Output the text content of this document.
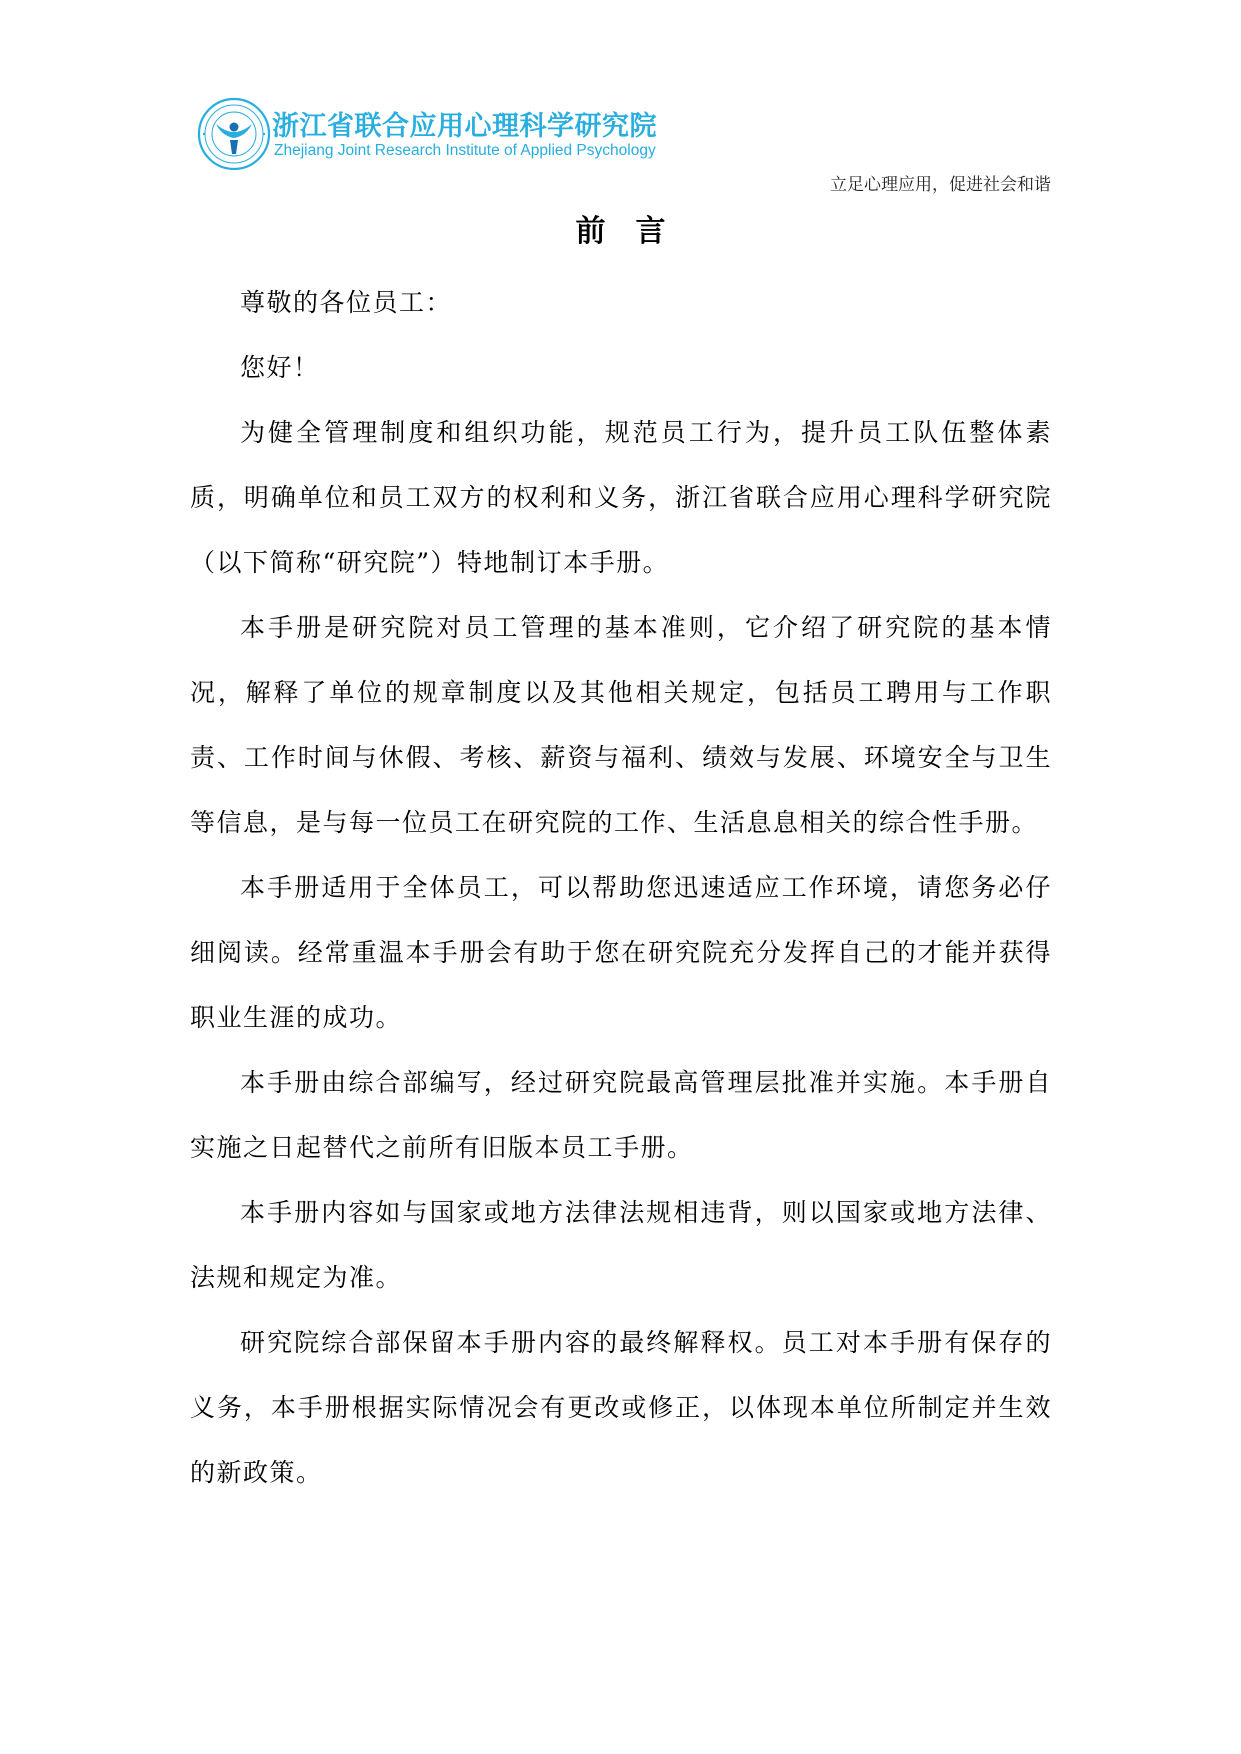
浙江省联合应用心理科学研究院
Zhejiang Joint Research Institute of Applied Psychology
立足心理应用，促进社会和谐
前言

尊敬的各位员工：

您好！

为健全管理制度和组织功能，规范员工行为，提升员工队伍整体素质，明确单位和员工双方的权利和义务，浙江省联合应用心理科学研究院（以下简称“研究院”）特地制订本手册。

本手册是研究院对员工管理的基本准则，它介绍了研究院的基本情况，解释了单位的规章制度以及其他相关规定，包括员工聘用与工作职责、工作时间与休假、考核、薪资与福利、绩效与发展、环境安全与卫生等信息，是与每一位员工在研究院的工作、生活息息相关的综合性手册。

本手册适用于全体员工，可以帮助您迅速适应工作环境，请您务必仔细阅读。经常重温本手册会有助于您在研究院充分发挥自己的才能并获得职业生涯的成功。

本手册由综合部编写，经过研究院最高管理层批准并实施。本手册自实施之日起替代之前所有旧版本员工手册。

本手册内容如与国家或地方法律法规相违背，则以国家或地方法律、法规和规定为准。

研究院综合部保留本手册内容的最终解释权。员工对本手册有保存的义务，本手册根据实际情况会有更改或修正，以体现本单位所制定并生效的新政策。
